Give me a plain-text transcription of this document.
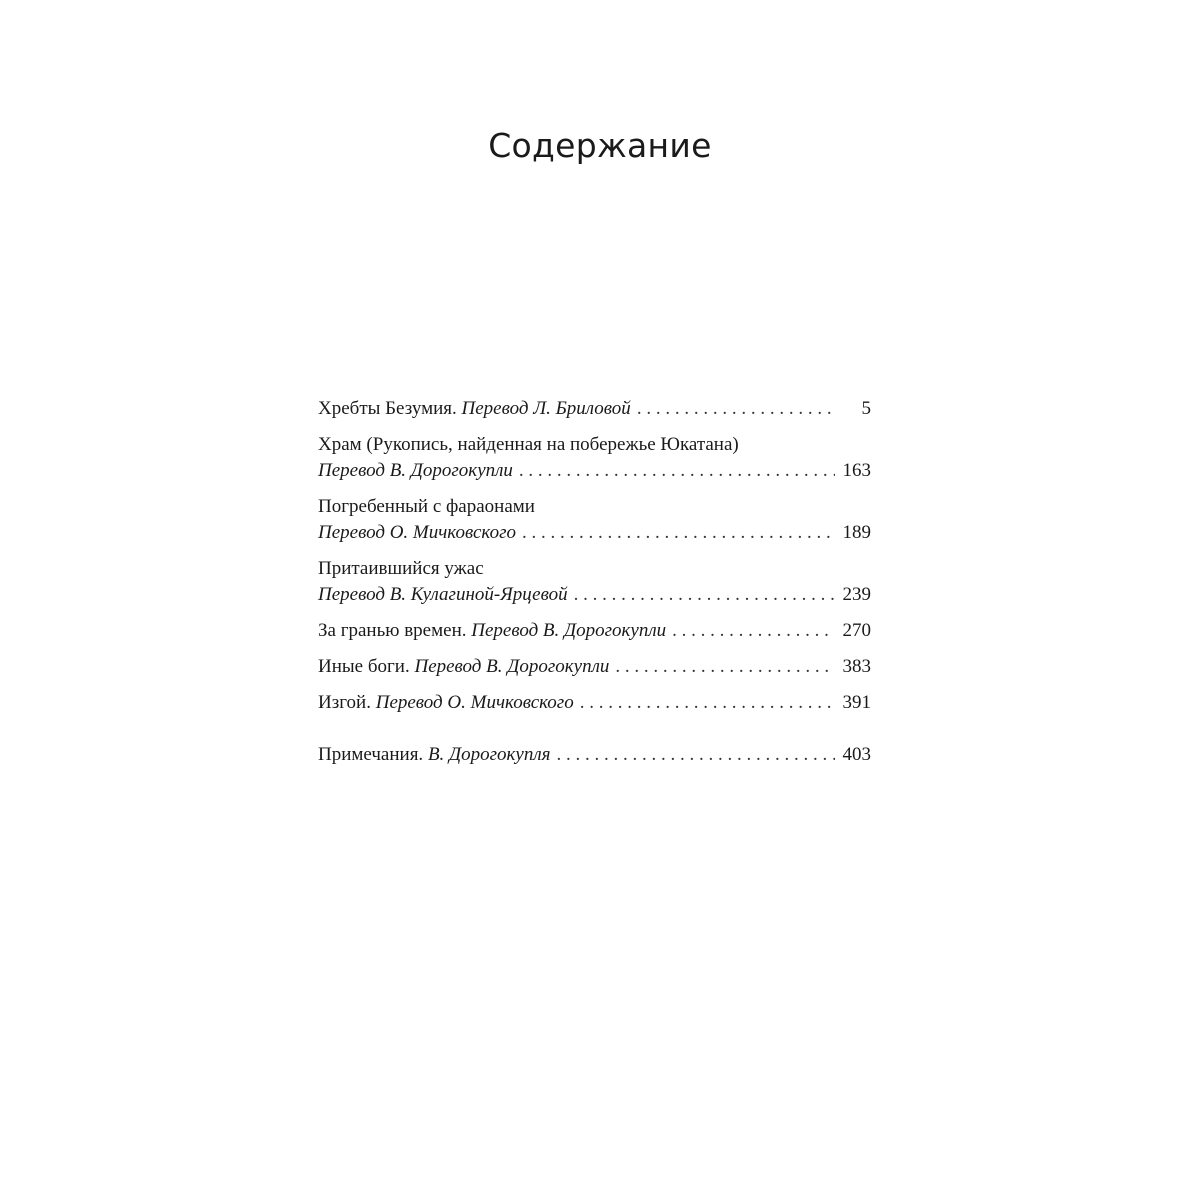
Содержание
Хребты Безумия. Перевод Л. Бриловой . . .	5
Храм (Рукопись, найденная на побережье Юкатана)
Перевод В. Дорогокупли . . .	163
Погребенный с фараонами
Перевод О. Мичковского . . .	189
Притаившийся ужас
Перевод В. Кулагиной-Ярцевой . . .	239
За гранью времен. Перевод В. Дорогокупли . . .	270
Иные боги. Перевод В. Дорогокупли . . .	383
Изгой. Перевод О. Мичковского . . .	391
Примечания. В. Дорогокупля . . .	403
